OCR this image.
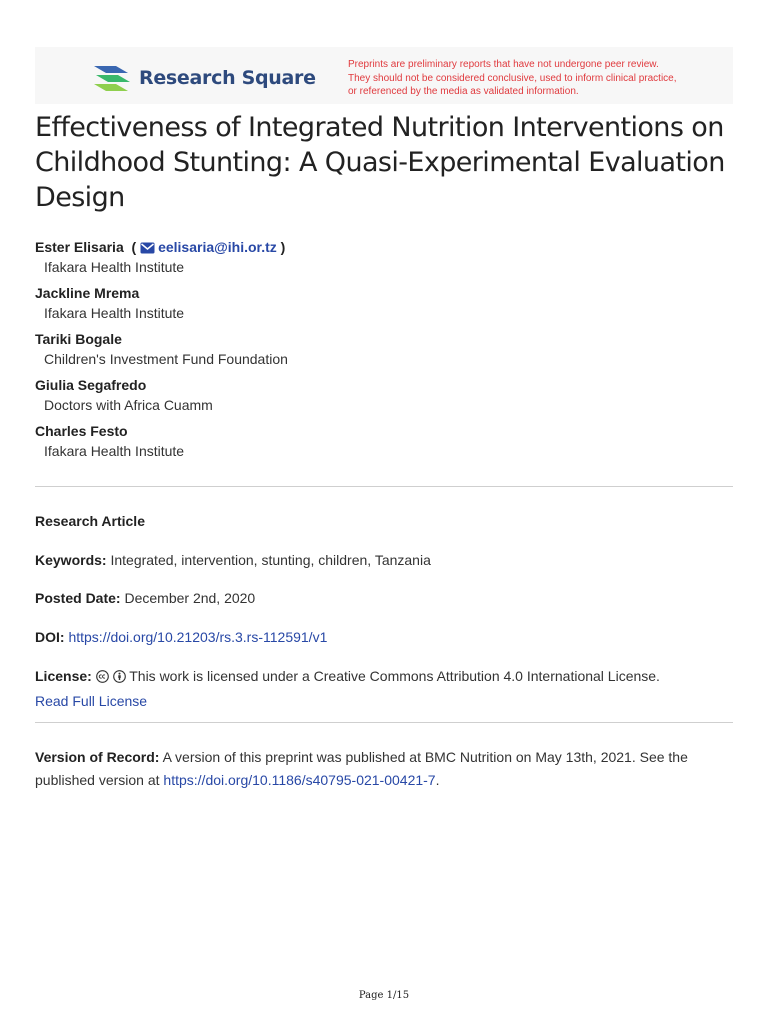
Research Square
Preprints are preliminary reports that have not undergone peer review.
They should not be considered conclusive, used to inform clinical practice,
or referenced by the media as validated information.
Effectiveness of Integrated Nutrition Interventions on Childhood Stunting: A Quasi-Experimental Evaluation Design
Ester Elisaria  ( eelisaria@ihi.or.tz )
Ifakara Health Institute
Jackline Mrema
Ifakara Health Institute
Tariki Bogale
Children's Investment Fund Foundation
Giulia Segafredo
Doctors with Africa Cuamm
Charles Festo
Ifakara Health Institute
Research Article
Keywords: Integrated, intervention, stunting, children, Tanzania
Posted Date: December 2nd, 2020
DOI: https://doi.org/10.21203/rs.3.rs-112591/v1
License:	This work is licensed under a Creative Commons Attribution 4.0 International License.
Read Full License
Version of Record: A version of this preprint was published at BMC Nutrition on May 13th, 2021. See the published version at https://doi.org/10.1186/s40795-021-00421-7.
Page 1/15
